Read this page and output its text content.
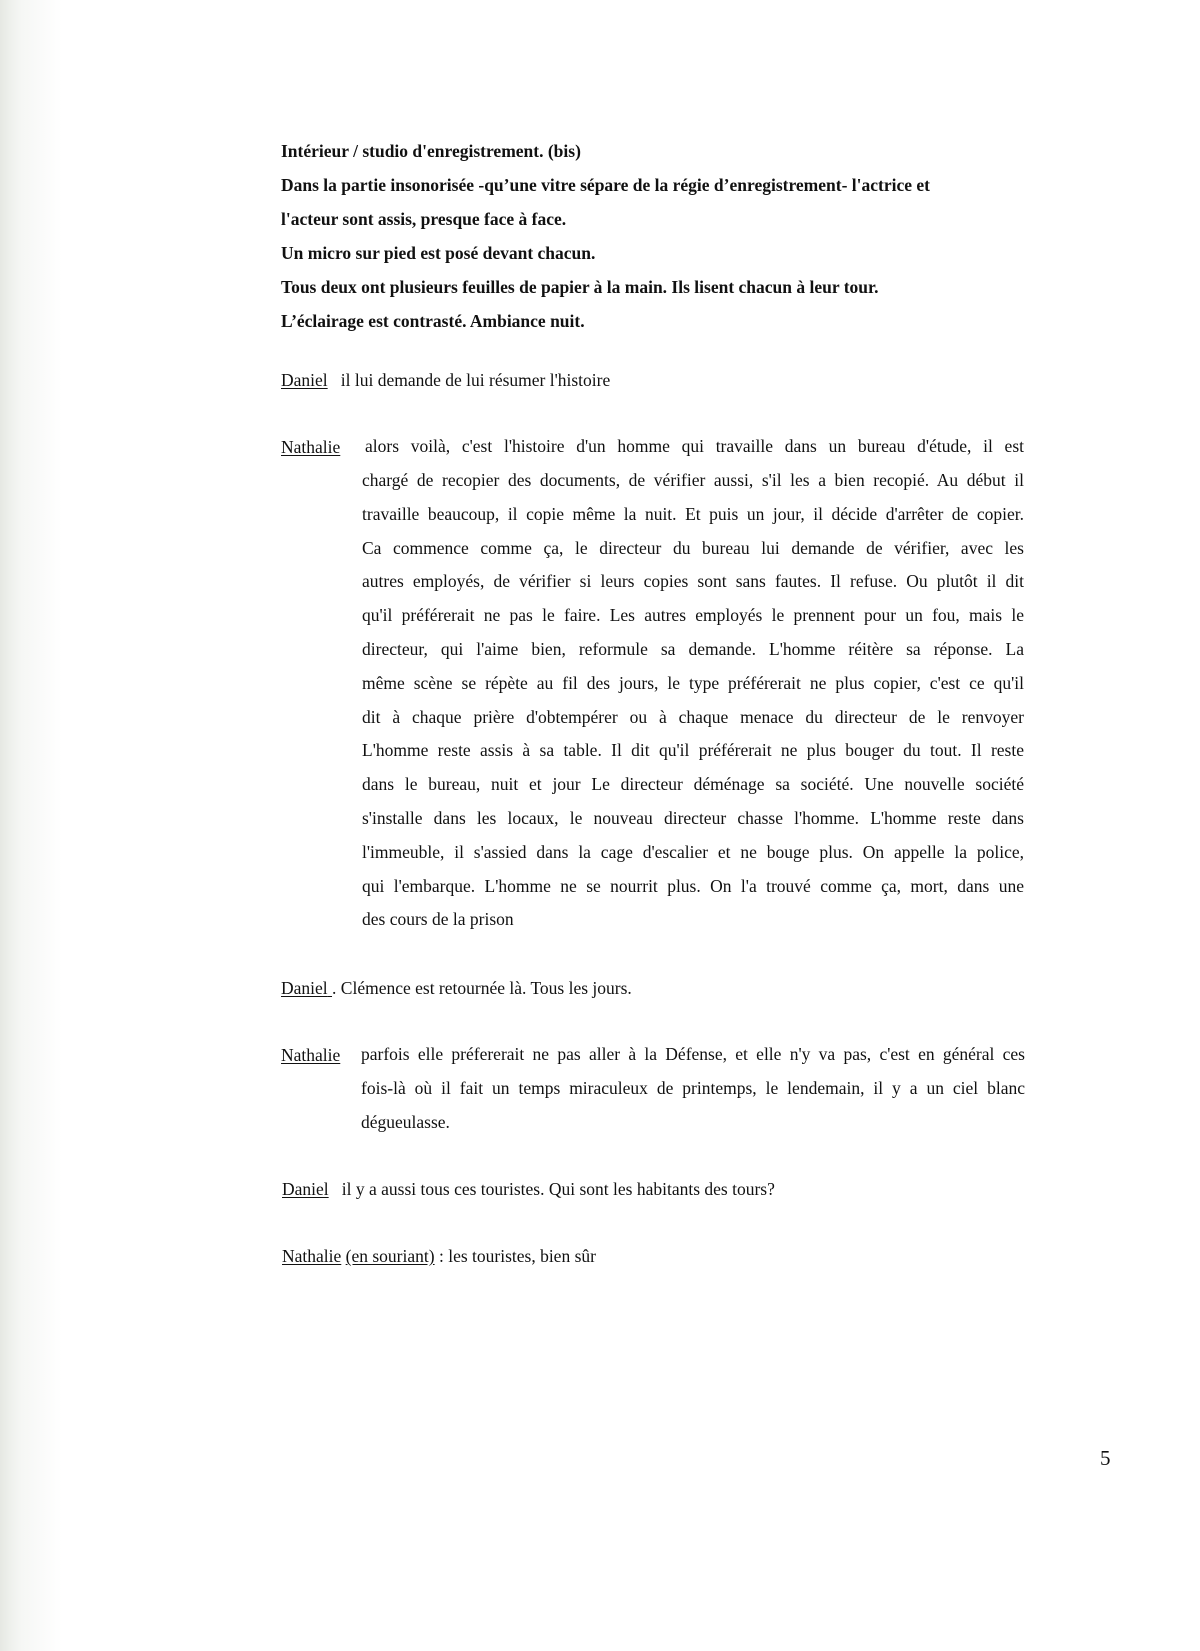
Intérieur / studio d'enregistrement. (bis)

Dans la partie insonorisée -qu’une vitre sépare de la régie d’enregistrement- l'actrice et

l'acteur sont assis, presque face à face.

Un micro sur pied est posé devant chacun.

Tous deux ont plusieurs feuilles de papier à la main. Ils lisent chacun à leur tour.

L’éclairage est contrasté. Ambiance nuit.

Daniel il lui demande de lui résumer l'histoire
Nathalie alors voilà, c'est l'histoire d'un homme qui travaille dans un bureau d'étude, il est

chargé de recopier des documents, de vérifier aussi, s'il les a bien recopié. Au début il

travaille beaucoup, il copie même la nuit. Et puis un jour, il décide d'arrêter de copier.

Ca commence comme ça, le directeur du bureau lui demande de vérifier, avec les

autres employés, de vérifier si leurs copies sont sans fautes. Il refuse. Ou plutôt il dit

qu'il préférerait ne pas le faire. Les autres employés le prennent pour un fou, mais le

directeur, qui l'aime bien, reformule sa demande. L'homme réitère sa réponse. La

même scène se répète au fil des jours, le type préférerait ne plus copier, c'est ce qu'il

dit à chaque prière d'obtempérer ou à chaque menace du directeur de le renvoyer

L'homme reste assis à sa table. Il dit qu'il préférerait ne plus bouger du tout. Il reste

dans le bureau, nuit et jour Le directeur déménage sa société. Une nouvelle société

s'installe dans les locaux, le nouveau directeur chasse l'homme. L'homme reste dans

l'immeuble, il s'assied dans la cage d'escalier et ne bouge plus. On appelle la police,

qui l'embarque. L'homme ne se nourrit plus. On l'a trouvé comme ça, mort, dans une

des cours de la prison

Daniel . Clémence est retournée là. Tous les jours.
Nathalie parfois elle préfererait ne pas aller à la Défense, et elle n'y va pas, c'est en général ces

fois-là où il fait un temps miraculeux de printemps, le lendemain, il y a un ciel blanc

dégueulasse.

Daniel il y a aussi tous ces touristes. Qui sont les habitants des tours?
Nathalie (en souriant) : les touristes, bien sûr
5
